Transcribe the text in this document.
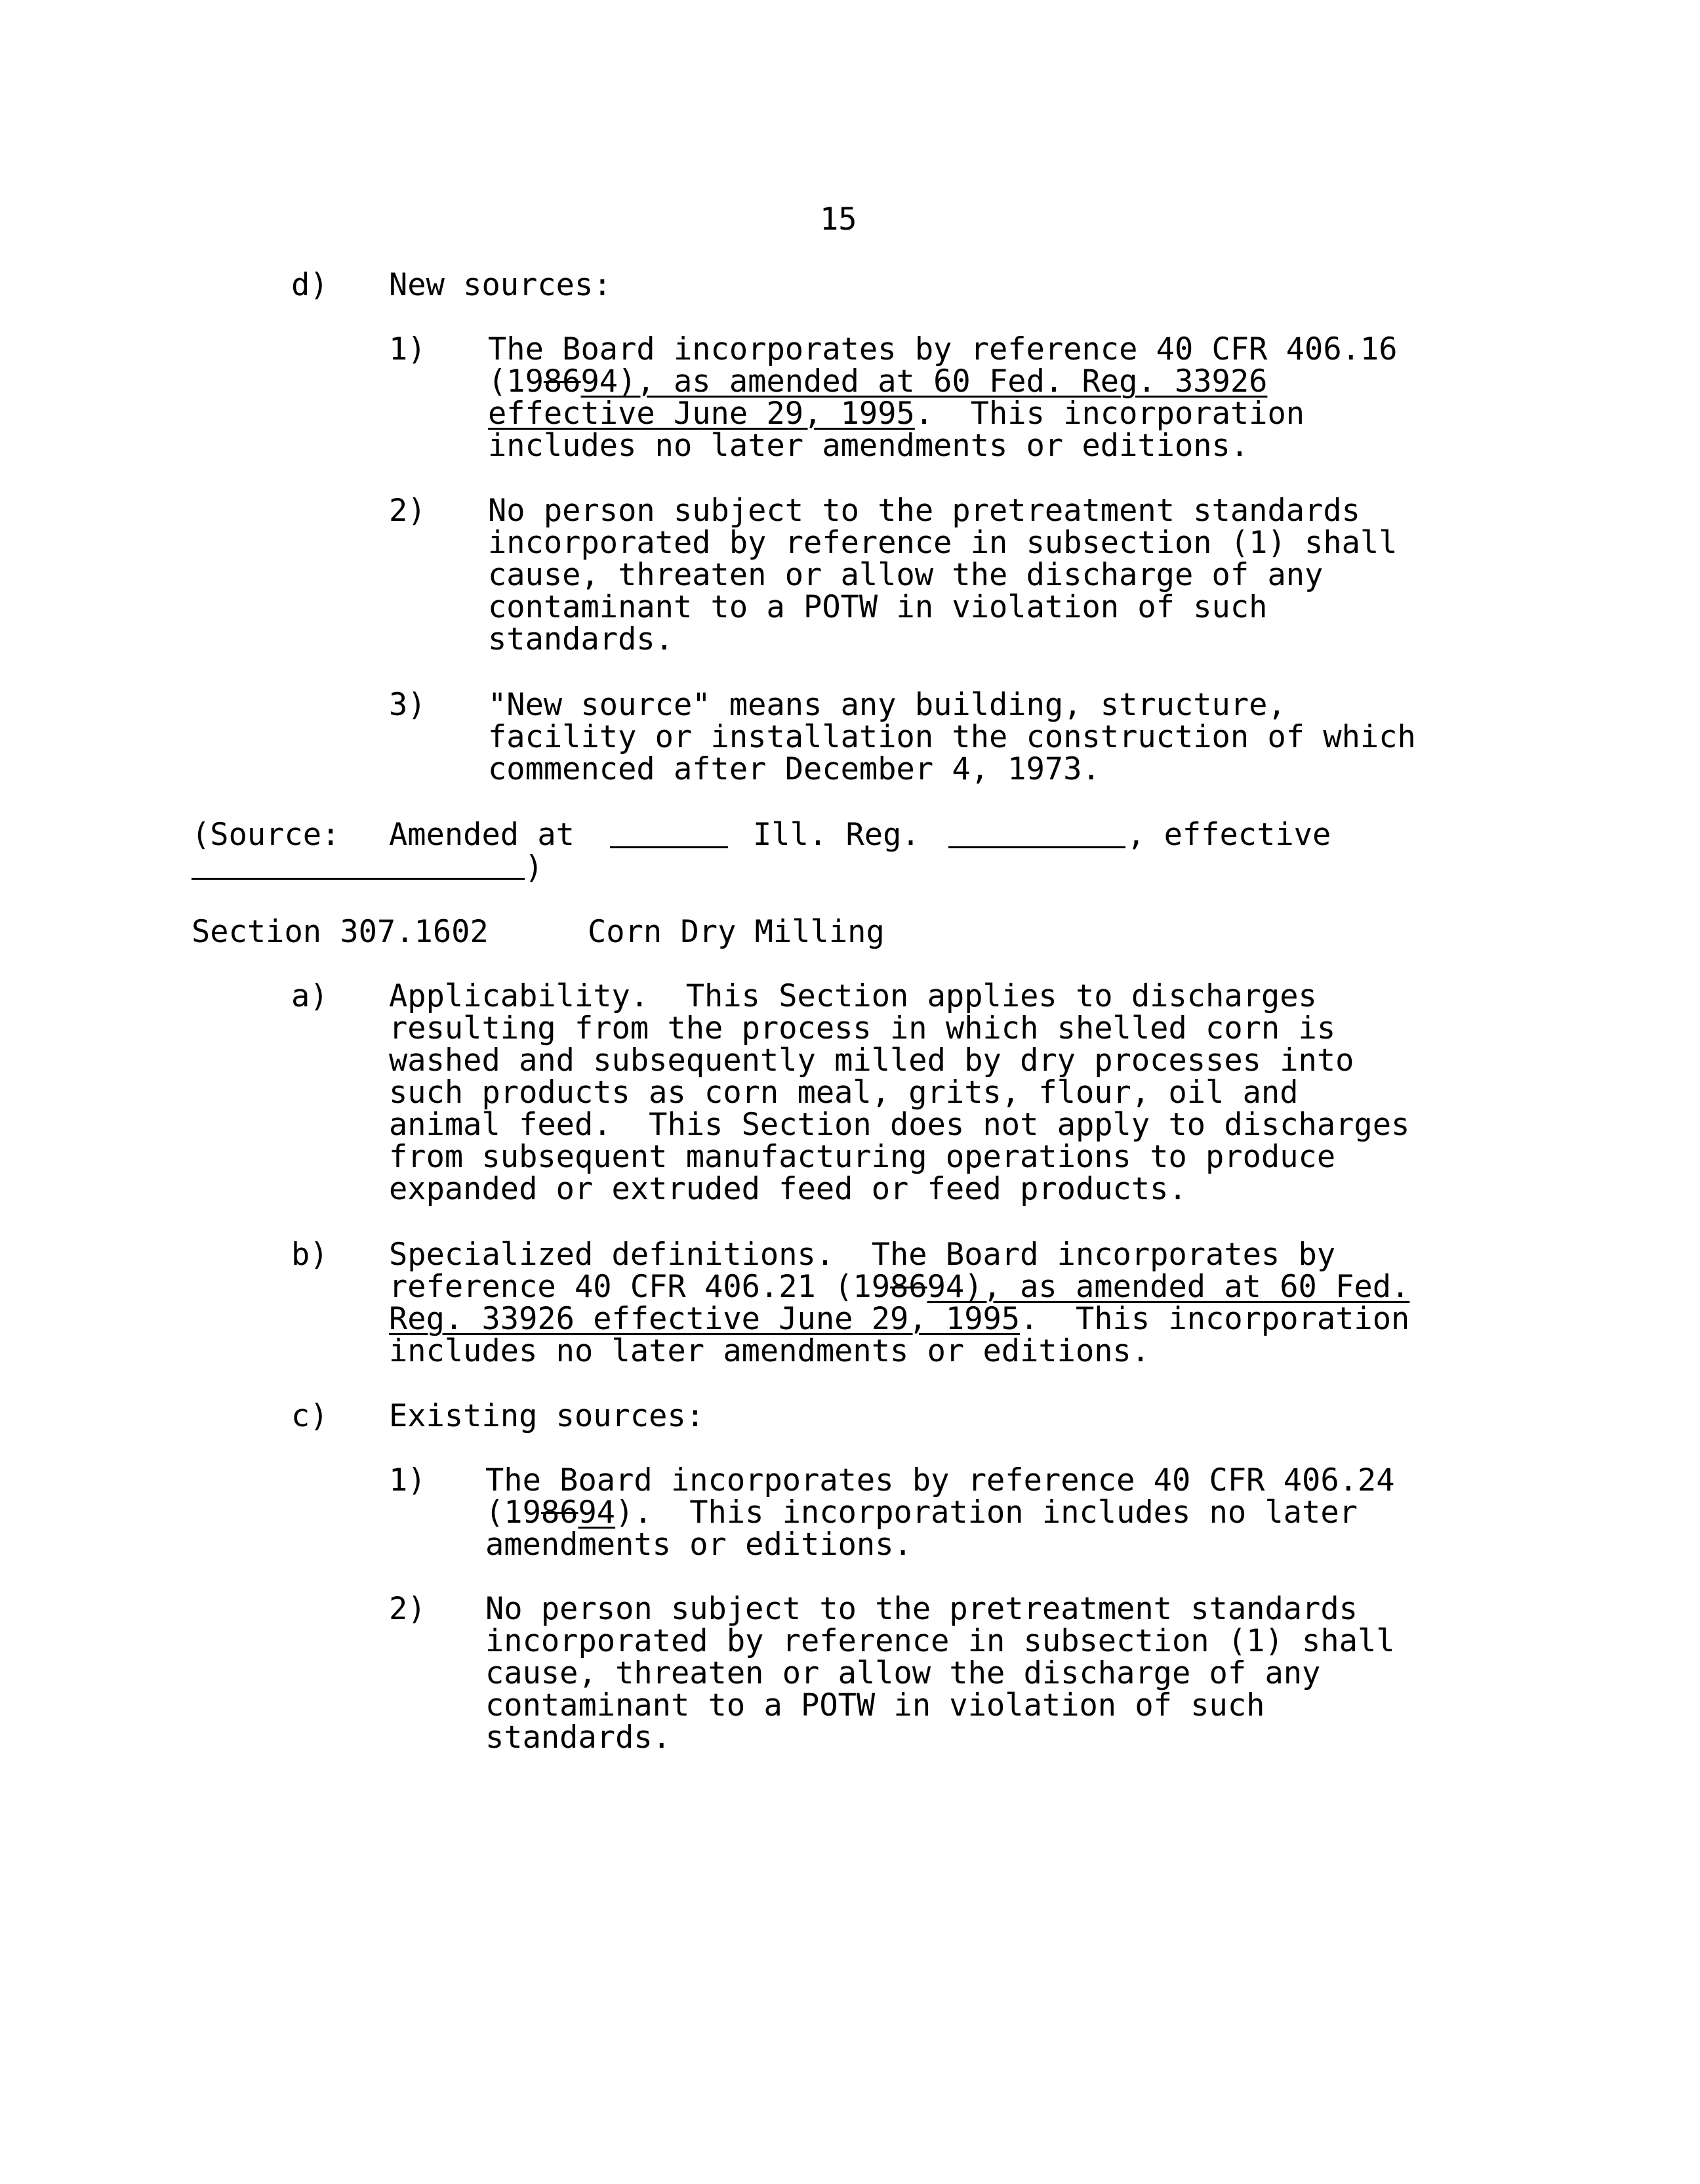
15
d) New sources:
1) The Board incorporates by reference 40 CFR 406.16
(198694), as amended at 60 Fed. Reg. 33926
effective June 29, 1995.  This incorporation
includes no later amendments or editions.
2) No person subject to the pretreatment standards
incorporated by reference in subsection (1) shall
cause, threaten or allow the discharge of any
contaminant to a POTW in violation of such
standards.
3) "New source" means any building, structure,
facility or installation the construction of which
commenced after December 4, 1973.
(Source: Amended at	Ill. Reg.	, effective
)
Section 307.1602	Corn Dry Milling
a) Applicability.  This Section applies to discharges
resulting from the process in which shelled corn is
washed and subsequently milled by dry processes into
such products as corn meal, grits, flour, oil and
animal feed.  This Section does not apply to discharges
from subsequent manufacturing operations to produce
expanded or extruded feed or feed products.
b) Specialized definitions.  The Board incorporates by
reference 40 CFR 406.21 (198694), as amended at 60 Fed.
Reg. 33926 effective June 29, 1995.  This incorporation
includes no later amendments or editions.
c) Existing sources:
1) The Board incorporates by reference 40 CFR 406.24
(198694).  This incorporation includes no later
amendments or editions.
2) No person subject to the pretreatment standards
incorporated by reference in subsection (1) shall
cause, threaten or allow the discharge of any
contaminant to a POTW in violation of such
standards.
